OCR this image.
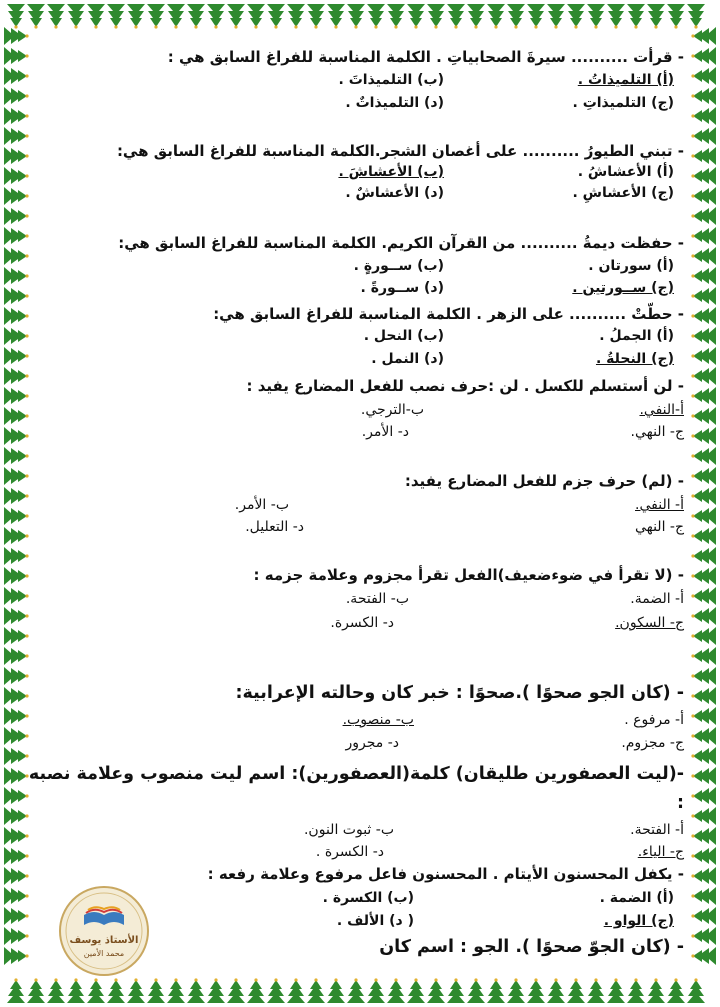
- قرأت .......... سيرةَ الصحابياتِ . الكلمة المناسبة للفراغ السابق هي :
(أ) التلميذاتُ .
(ب) التلميذاتَ .
(ج) التلميذاتِ .
(د) التلميذاتٌ .
- تبني الطيورُ .......... على أغصان الشجر.الكلمة المناسبة للفراغ السابق هي:
(أ) الأعشاشُ .
(ب) الأعشاشَ .
(ج) الأعشاشِ .
(د) الأعشاشٌ .
- حفظت ديمةُ .......... من القرآن الكريم. الكلمة المناسبة للفراغ السابق هي:
(أ) سورتان .
(ب) ســورةٍ .
(ج) ســورتين .
(د) ســورةً .
- حطّتْ .......... على الزهر . الكلمة المناسبة للفراغ السابق هي:
(أ) الجملُ .
(ب) النحل .
(ج) النحلةُ .
(د) النمل .
- لن أستسلم للكسل . لن :حرف نصب للفعل المضارع يفيد :
أ-النفي.
ب-الترجي.
ج- النهي.
د- الأمر.
- (لم) حرف جزم للفعل المضارع يفيد:
أ- النفي.
ب- الأمر.
ج- النهي
د- التعليل.
- (لا تقرأ في ضوءضعيف)الفعل تقرأ مجزوم وعلامة جزمه :
أ- الضمة.
ب- الفتحة.
ج- السكون.
د- الكسرة.
- (كان الجو صحوًا ).صحوًا : خبر كان وحالته الإعرابية:
أ- مرفوع .
ب- منصوب.
ج- مجزوم.
د- مجرور
-(ليت العصفورين طليقان) كلمة(العصفورين): اسم ليت منصوب وعلامة نصبه
:
أ- الفتحة.
ب- ثبوت النون.
ج- الياء.
د- الكسرة .
- يكفل المحسنون الأيتام . المحسنون فاعل مرفوع وعلامة رفعه :
(أ) الضمة .
(ب) الكسرة .
(ج) الواو .
( د) الألف .
- (كان الجوّ صحوًا ). الجو : اسم كان
الأستاذ يوسف
محمد الأمين
